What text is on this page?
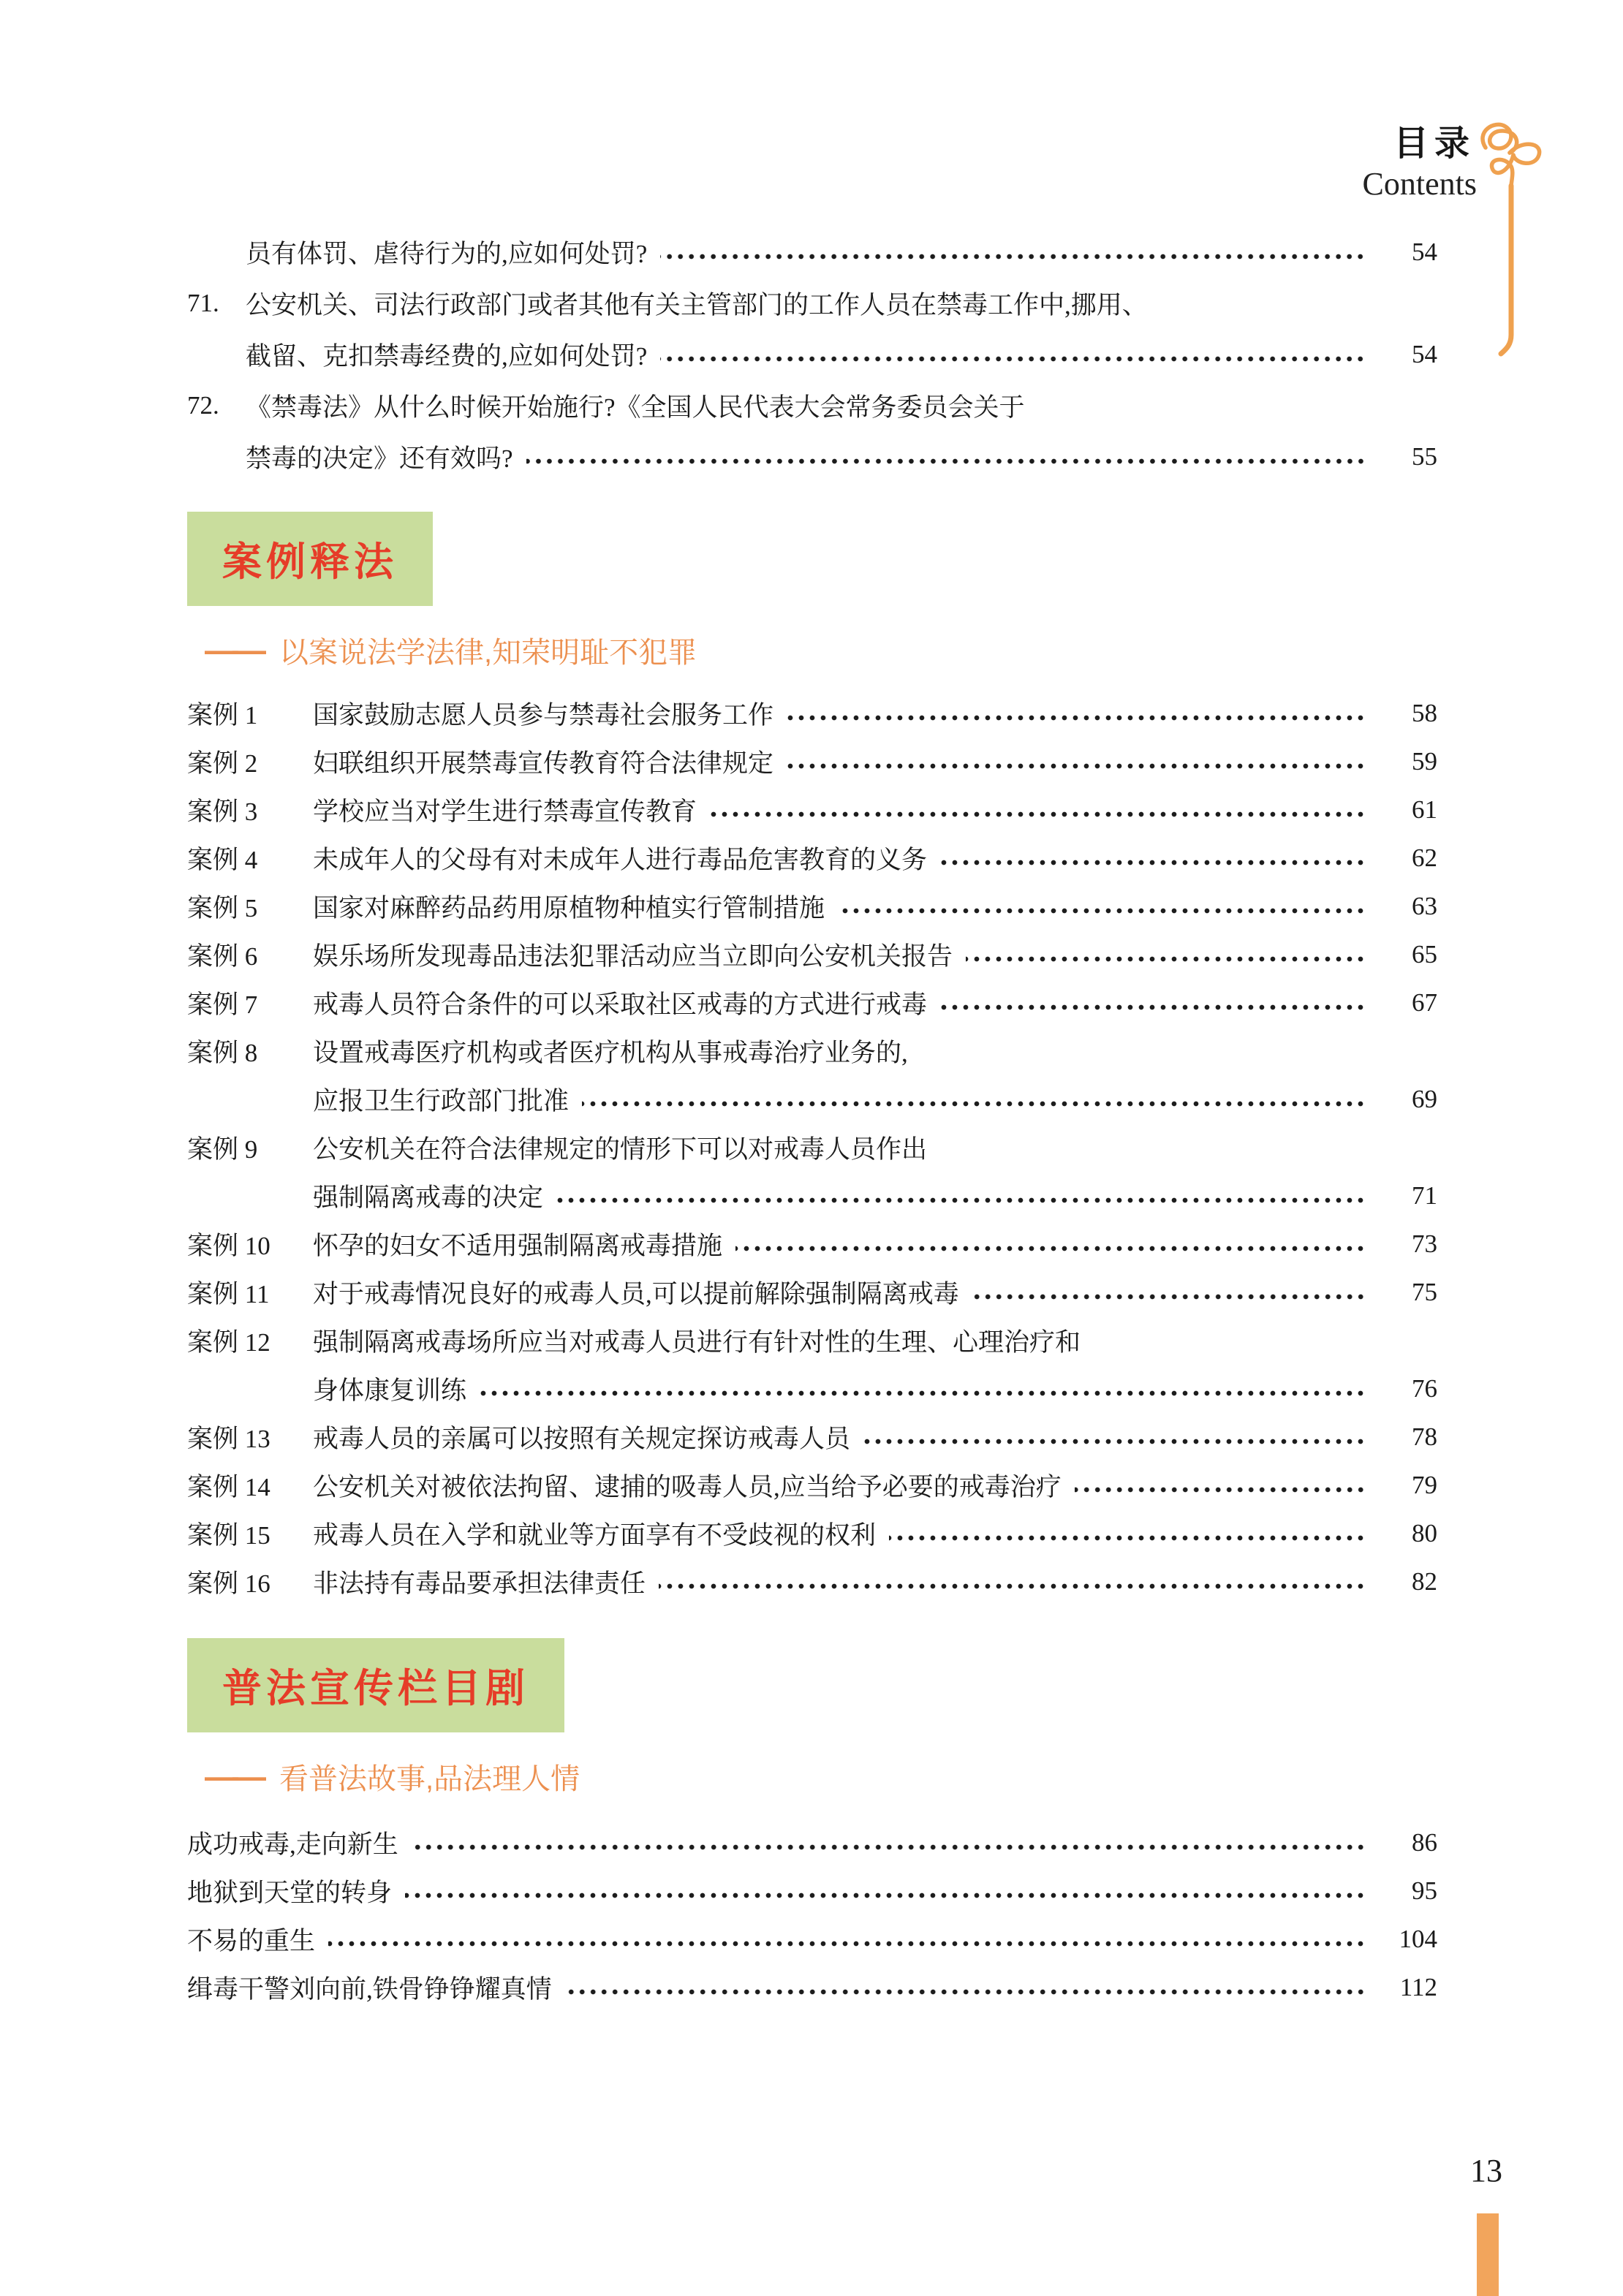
目录
Contents
员有体罚、虐待行为的,应如何处罚?	54
71.	公安机关、司法行政部门或者其他有关主管部门的工作人员在禁毒工作中,挪用、
截留、克扣禁毒经费的,应如何处罚?	54
72.	《禁毒法》从什么时候开始施行?《全国人民代表大会常务委员会关于
禁毒的决定》还有效吗?	55
案例释法
—— 以案说法学法律,知荣明耻不犯罪
案例 1	国家鼓励志愿人员参与禁毒社会服务工作	58
案例 2	妇联组织开展禁毒宣传教育符合法律规定	59
案例 3	学校应当对学生进行禁毒宣传教育	61
案例 4	未成年人的父母有对未成年人进行毒品危害教育的义务	62
案例 5	国家对麻醉药品药用原植物种植实行管制措施	63
案例 6	娱乐场所发现毒品违法犯罪活动应当立即向公安机关报告	65
案例 7	戒毒人员符合条件的可以采取社区戒毒的方式进行戒毒	67
案例 8	设置戒毒医疗机构或者医疗机构从事戒毒治疗业务的,
应报卫生行政部门批准	69
案例 9	公安机关在符合法律规定的情形下可以对戒毒人员作出
强制隔离戒毒的决定	71
案例 10	怀孕的妇女不适用强制隔离戒毒措施	73
案例 11	对于戒毒情况良好的戒毒人员,可以提前解除强制隔离戒毒	75
案例 12	强制隔离戒毒场所应当对戒毒人员进行有针对性的生理、心理治疗和
身体康复训练	76
案例 13	戒毒人员的亲属可以按照有关规定探访戒毒人员	78
案例 14	公安机关对被依法拘留、逮捕的吸毒人员,应当给予必要的戒毒治疗	79
案例 15	戒毒人员在入学和就业等方面享有不受歧视的权利	80
案例 16	非法持有毒品要承担法律责任	82
普法宣传栏目剧
—— 看普法故事,品法理人情
成功戒毒,走向新生	86
地狱到天堂的转身	95
不易的重生	104
缉毒干警刘向前,铁骨铮铮耀真情	112
13
